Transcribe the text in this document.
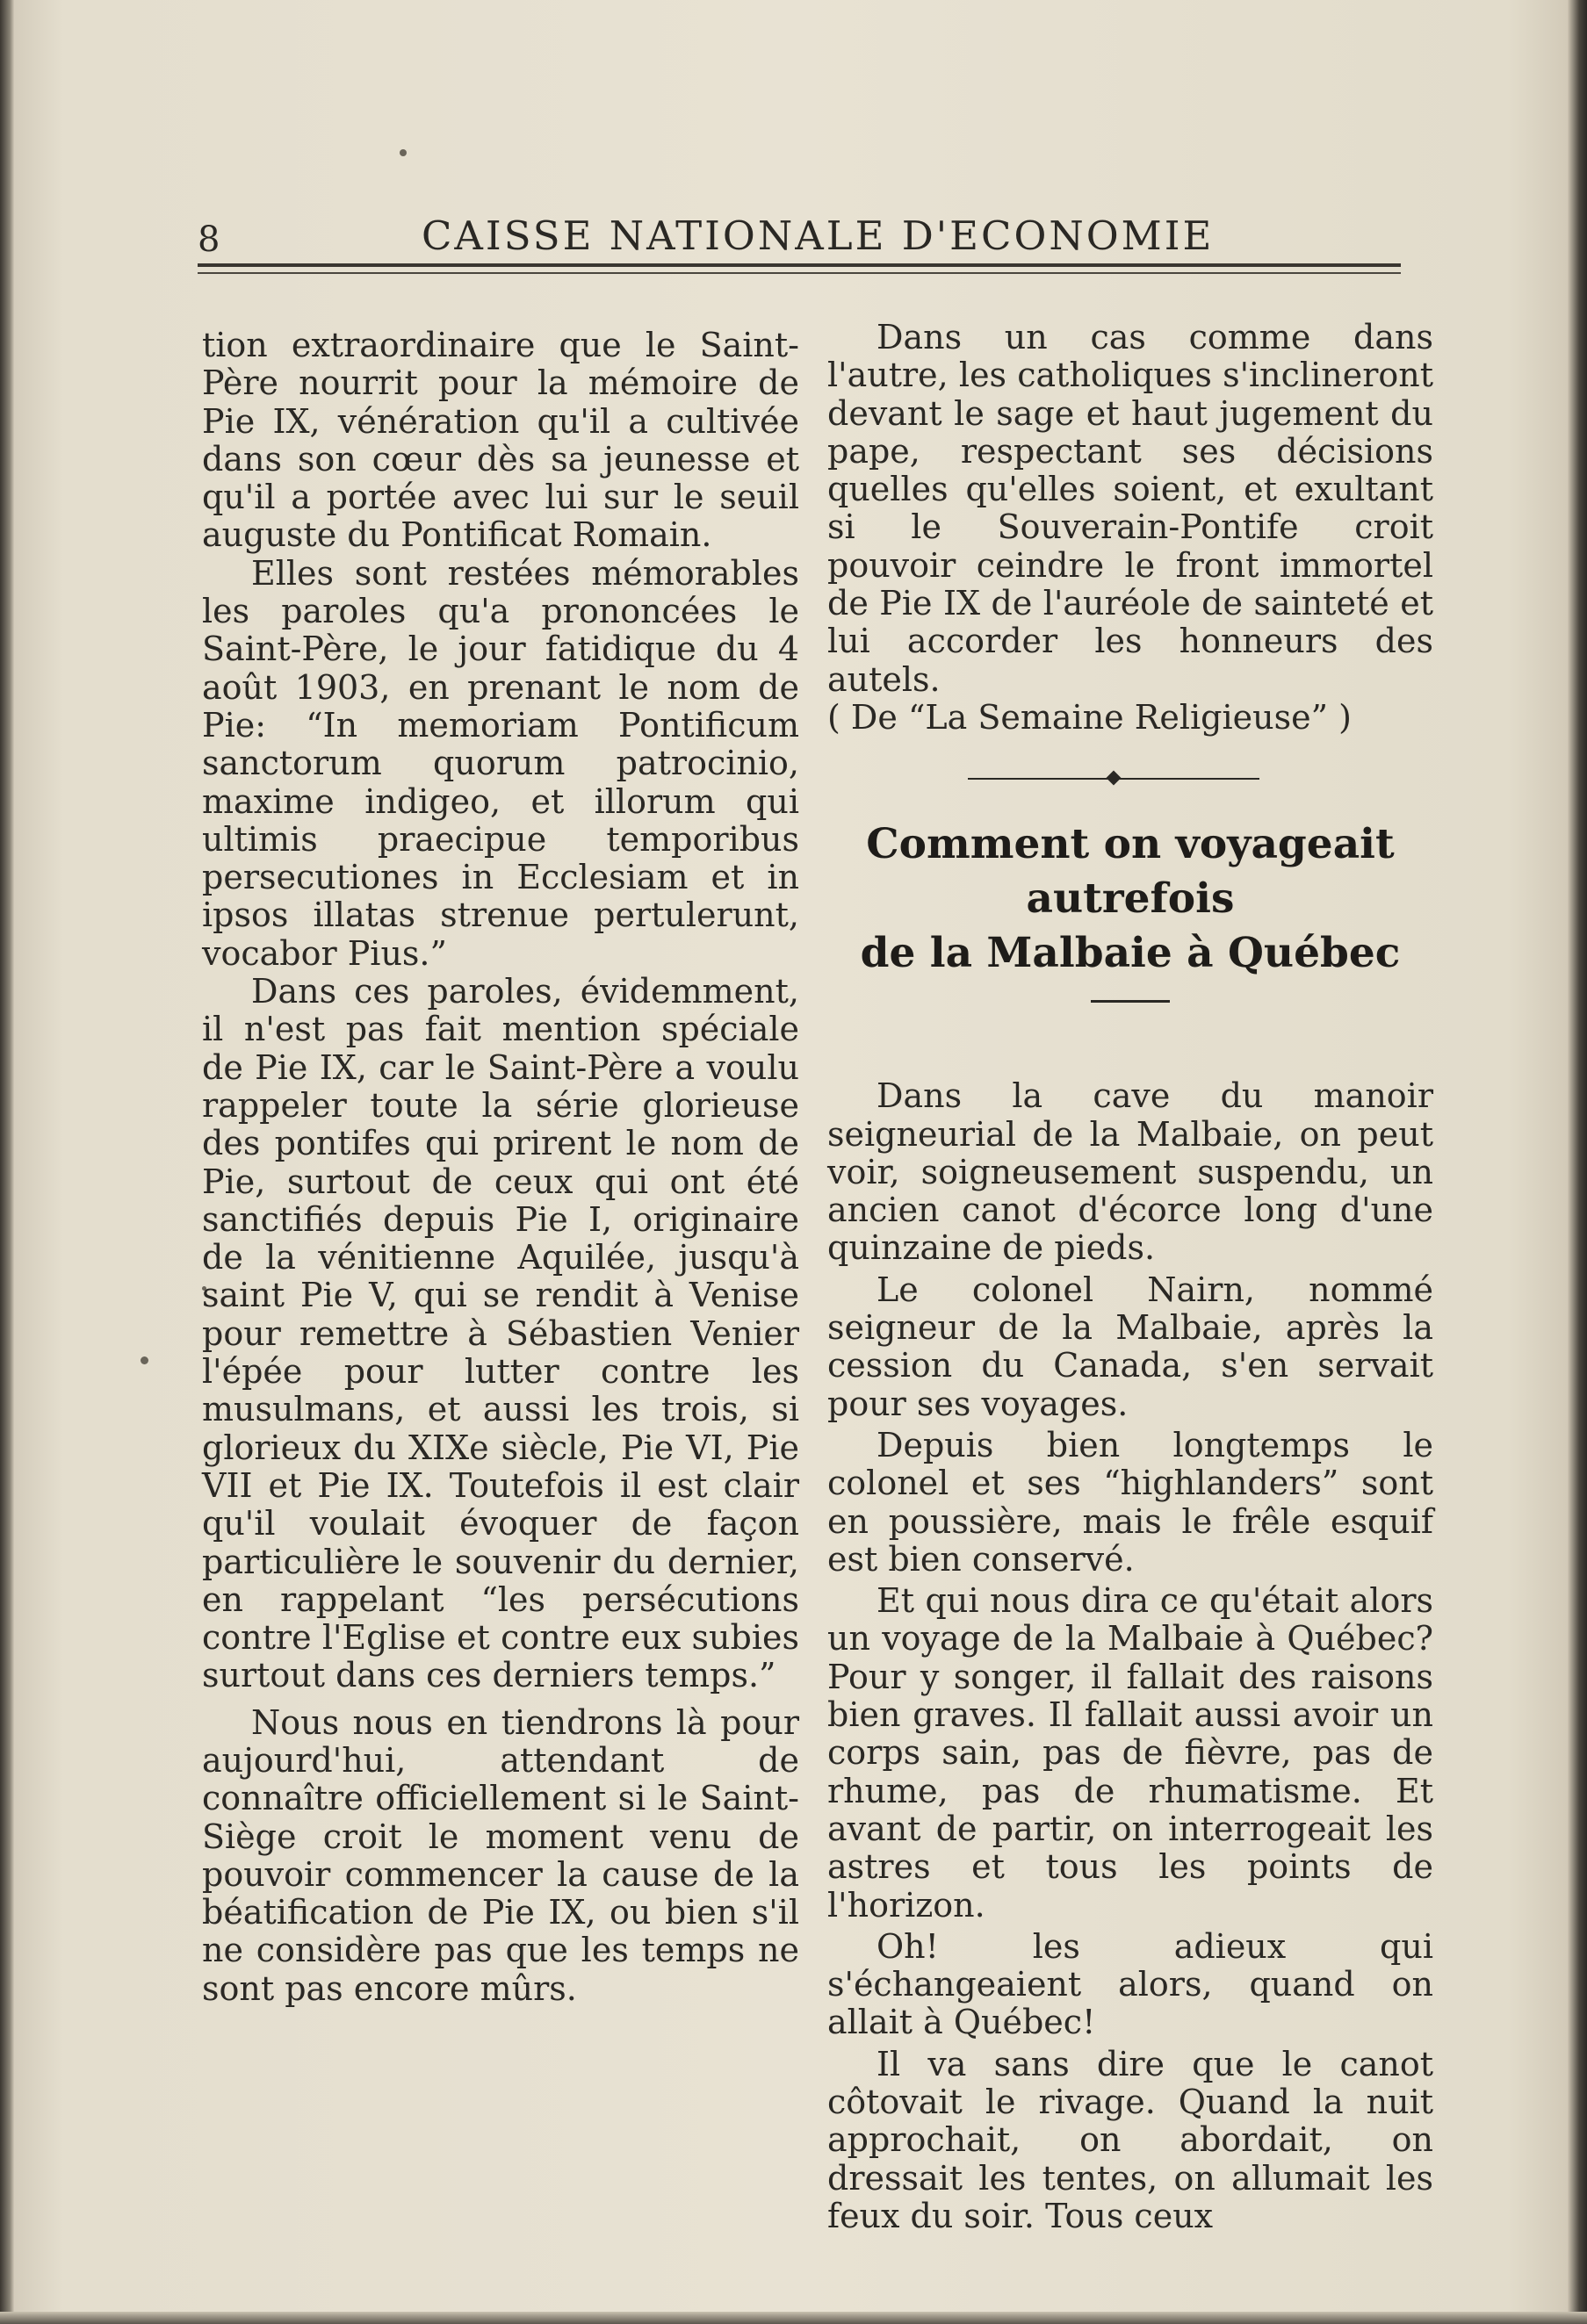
8	CAISSE NATIONALE D'ECONOMIE

tion extraordinaire que le Saint-Père nourrit pour la mémoire de Pie IX, vénération qu'il a cultivée dans son cœur dès sa jeunesse et qu'il a portée avec lui sur le seuil auguste du Pontificat Romain.

Elles sont restées mémorables les paroles qu'a prononcées le Saint-Père, le jour fatidique du 4 août 1903, en prenant le nom de Pie: “In memoriam Pontificum sanctorum quorum patrocinio, maxime indigeo, et illorum qui ultimis praecipue temporibus persecutiones in Ecclesiam et in ipsos illatas strenue pertulerunt, vocabor Pius.”

Dans ces paroles, évidemment, il n'est pas fait mention spéciale de Pie IX, car le Saint-Père a voulu rappeler toute la série glorieuse des pontifes qui prirent le nom de Pie, surtout de ceux qui ont été sanctifiés depuis Pie I, originaire de la vénitienne Aquilée, jusqu'à saint Pie V, qui se rendit à Venise pour remettre à Sébastien Venier l'épée pour lutter contre les musulmans, et aussi les trois, si glorieux du XIXe siècle, Pie VI, Pie VII et Pie IX. Toutefois il est clair qu'il voulait évoquer de façon particulière le souvenir du dernier, en rappelant “les persécutions contre l'Eglise et contre eux subies surtout dans ces derniers temps.”

Nous nous en tiendrons là pour aujourd'hui, attendant de connaître officiellement si le Saint-Siège croit le moment venu de pouvoir commencer la cause de la béatification de Pie IX, ou bien s'il ne considère pas que les temps ne sont pas encore mûrs.

Dans un cas comme dans l'autre, les catholiques s'inclineront devant le sage et haut jugement du pape, respectant ses décisions quelles qu'elles soient, et exultant si le Souverain-Pontife croit pouvoir ceindre le front immortel de Pie IX de l'auréole de sainteté et lui accorder les honneurs des autels.

( De “La Semaine Religieuse” )

Comment on voyageait autrefois
de la Malbaie à Québec

Dans la cave du manoir seigneurial de la Malbaie, on peut voir, soigneusement suspendu, un ancien canot d'écorce long d'une quinzaine de pieds.

Le colonel Nairn, nommé seigneur de la Malbaie, après la cession du Canada, s'en servait pour ses voyages.

Depuis bien longtemps le colonel et ses “highlanders” sont en poussière, mais le frêle esquif est bien conservé.

Et qui nous dira ce qu'était alors un voyage de la Malbaie à Québec? Pour y songer, il fallait des raisons bien graves. Il fallait aussi avoir un corps sain, pas de fièvre, pas de rhume, pas de rhumatisme. Et avant de partir, on interrogeait les astres et tous les points de l'horizon.

Oh! les adieux qui s'échangeaient alors, quand on allait à Québec!

Il va sans dire que le canot côtovait le rivage. Quand la nuit approchait, on abordait, on dressait les tentes, on allumait les feux du soir. Tous ceux
